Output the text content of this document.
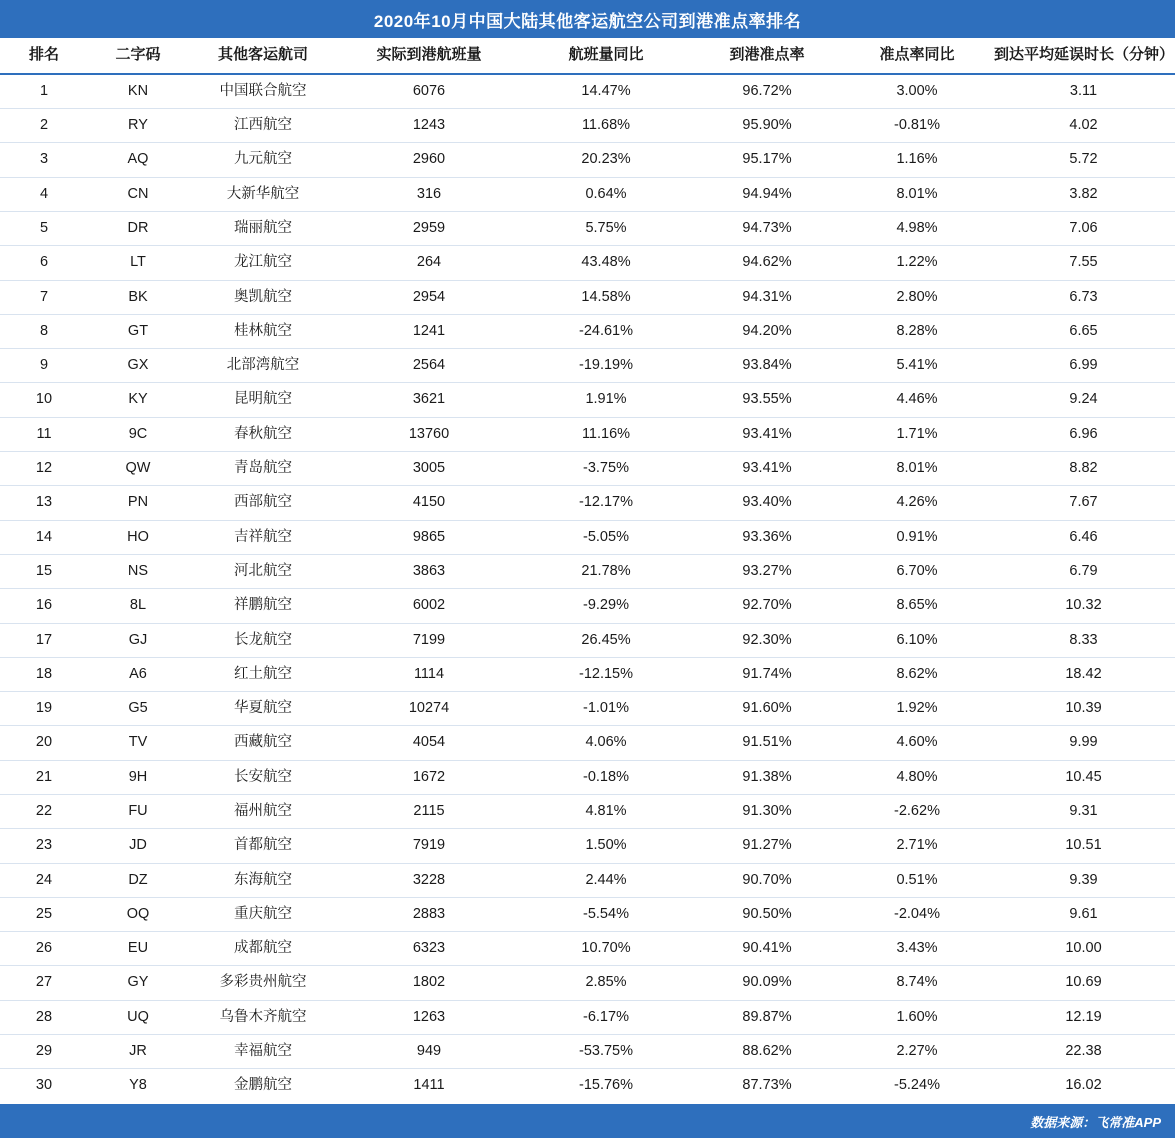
2020年10月中国大陆其他客运航空公司到港准点率排名
排名	二字码	其他客运航司	实际到港航班量	航班量同比	到港准点率	准点率同比	到达平均延误时长（分钟）
1	KN	中国联合航空	6076	14.47%	96.72%	3.00%	3.11
2	RY	江西航空	1243	11.68%	95.90%	-0.81%	4.02
3	AQ	九元航空	2960	20.23%	95.17%	1.16%	5.72
4	CN	大新华航空	316	0.64%	94.94%	8.01%	3.82
5	DR	瑞丽航空	2959	5.75%	94.73%	4.98%	7.06
6	LT	龙江航空	264	43.48%	94.62%	1.22%	7.55
7	BK	奥凯航空	2954	14.58%	94.31%	2.80%	6.73
8	GT	桂林航空	1241	-24.61%	94.20%	8.28%	6.65
9	GX	北部湾航空	2564	-19.19%	93.84%	5.41%	6.99
10	KY	昆明航空	3621	1.91%	93.55%	4.46%	9.24
11	9C	春秋航空	13760	11.16%	93.41%	1.71%	6.96
12	QW	青岛航空	3005	-3.75%	93.41%	8.01%	8.82
13	PN	西部航空	4150	-12.17%	93.40%	4.26%	7.67
14	HO	吉祥航空	9865	-5.05%	93.36%	0.91%	6.46
15	NS	河北航空	3863	21.78%	93.27%	6.70%	6.79
16	8L	祥鹏航空	6002	-9.29%	92.70%	8.65%	10.32
17	GJ	长龙航空	7199	26.45%	92.30%	6.10%	8.33
18	A6	红土航空	1114	-12.15%	91.74%	8.62%	18.42
19	G5	华夏航空	10274	-1.01%	91.60%	1.92%	10.39
20	TV	西藏航空	4054	4.06%	91.51%	4.60%	9.99
21	9H	长安航空	1672	-0.18%	91.38%	4.80%	10.45
22	FU	福州航空	2115	4.81%	91.30%	-2.62%	9.31
23	JD	首都航空	7919	1.50%	91.27%	2.71%	10.51
24	DZ	东海航空	3228	2.44%	90.70%	0.51%	9.39
25	OQ	重庆航空	2883	-5.54%	90.50%	-2.04%	9.61
26	EU	成都航空	6323	10.70%	90.41%	3.43%	10.00
27	GY	多彩贵州航空	1802	2.85%	90.09%	8.74%	10.69
28	UQ	乌鲁木齐航空	1263	-6.17%	89.87%	1.60%	12.19
29	JR	幸福航空	949	-53.75%	88.62%	2.27%	22.38
30	Y8	金鹏航空	1411	-15.76%	87.73%	-5.24%	16.02
数据来源：飞常准APP
